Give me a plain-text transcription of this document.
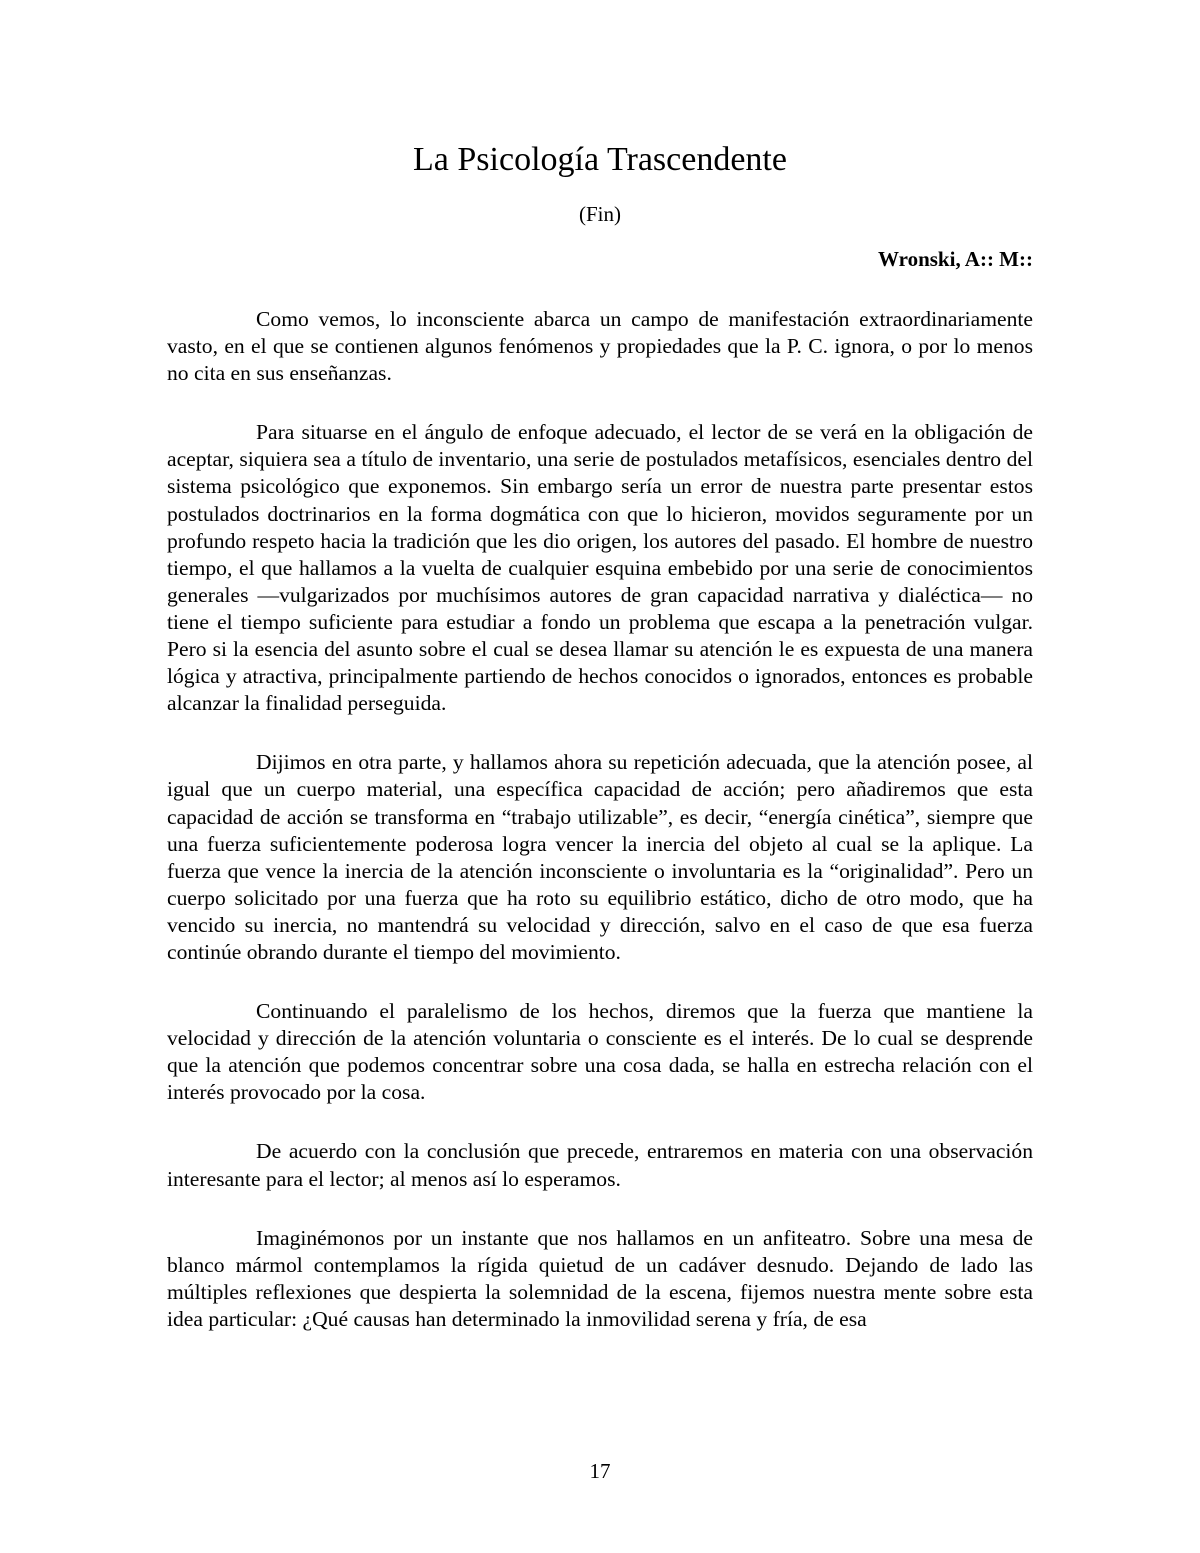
La Psicología Trascendente
(Fin)
Wronski, A:: M::

Como vemos, lo inconsciente abarca un campo de manifestación extraordinariamente vasto, en el que se contienen algunos fenómenos y propiedades que la P. C. ignora, o por lo menos no cita en sus enseñanzas.

Para situarse en el ángulo de enfoque adecuado, el lector de se verá en la obligación de aceptar, siquiera sea a título de inventario, una serie de postulados metafísicos, esenciales dentro del sistema psicológico que exponemos. Sin embargo sería un error de nuestra parte presentar estos postulados doctrinarios en la forma dogmática con que lo hicieron, movidos seguramente por un profundo respeto hacia la tradición que les dio origen, los autores del pasado. El hombre de nuestro tiempo, el que hallamos a la vuelta de cualquier esquina embebido por una serie de conocimientos generales —vulgarizados por muchísimos autores de gran capacidad narrativa y dialéctica— no tiene el tiempo suficiente para estudiar a fondo un problema que escapa a la penetración vulgar. Pero si la esencia del asunto sobre el cual se desea llamar su atención le es expuesta de una manera lógica y atractiva, principalmente partiendo de hechos conocidos o ignorados, entonces es probable alcanzar la finalidad perseguida.

Dijimos en otra parte, y hallamos ahora su repetición adecuada, que la atención posee, al igual que un cuerpo material, una específica capacidad de acción; pero añadiremos que esta capacidad de acción se transforma en “trabajo utilizable”, es decir, “energía cinética”, siempre que una fuerza suficientemente poderosa logra vencer la inercia del objeto al cual se la aplique. La fuerza que vence la inercia de la atención inconsciente o involuntaria es la “originalidad”. Pero un cuerpo solicitado por una fuerza que ha roto su equilibrio estático, dicho de otro modo, que ha vencido su inercia, no mantendrá su velocidad y dirección, salvo en el caso de que esa fuerza continúe obrando durante el tiempo del movimiento.

Continuando el paralelismo de los hechos, diremos que la fuerza que mantiene la velocidad y dirección de la atención voluntaria o consciente es el interés. De lo cual se desprende que la atención que podemos concentrar sobre una cosa dada, se halla en estrecha relación con el interés provocado por la cosa.

De acuerdo con la conclusión que precede, entraremos en materia con una observación interesante para el lector; al menos así lo esperamos.

Imaginémonos por un instante que nos hallamos en un anfiteatro. Sobre una mesa de blanco mármol contemplamos la rígida quietud de un cadáver desnudo. Dejando de lado las múltiples reflexiones que despierta la solemnidad de la escena, fijemos nuestra mente sobre esta idea particular: ¿Qué causas han determinado la inmovilidad serena y fría, de esa

17
